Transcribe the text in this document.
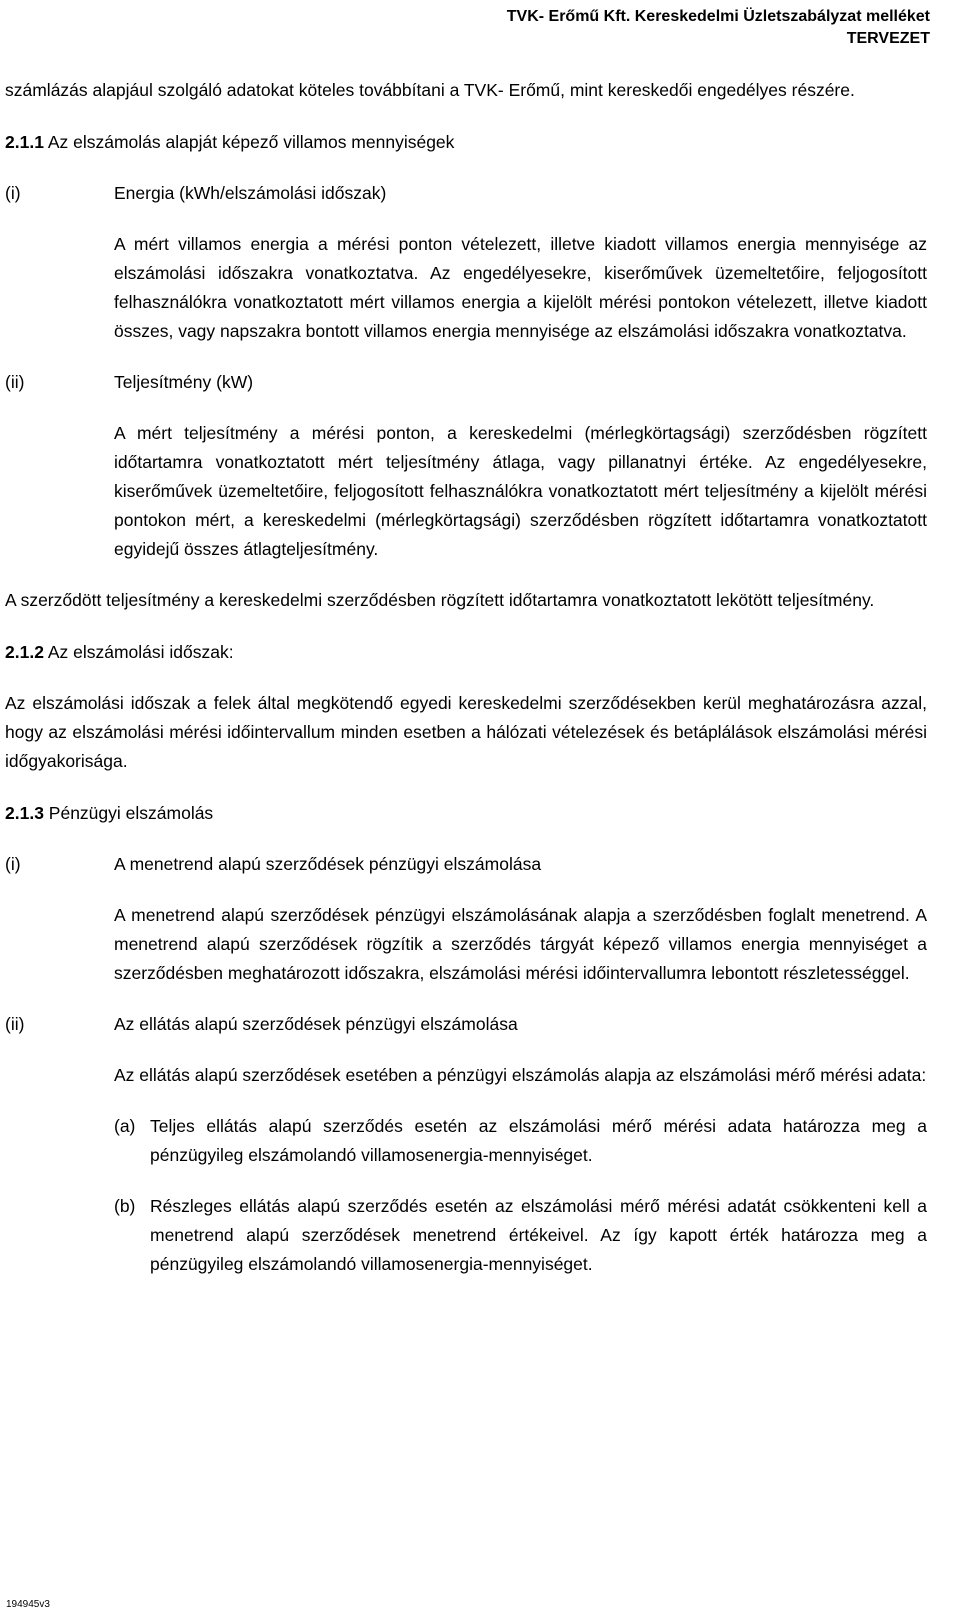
TVK- Erőmű Kft. Kereskedelmi Üzletszabályzat melléket
TERVEZET

számlázás alapjául szolgáló adatokat köteles továbbítani a TVK- Erőmű, mint kereskedői engedélyes részére.

2.1.1 Az elszámolás alapját képező villamos mennyiségek
(i)	Energia (kWh/elszámolási időszak)

A mért villamos energia a mérési ponton vételezett, illetve kiadott villamos energia mennyisége az elszámolási időszakra vonatkoztatva. Az engedélyesekre, kiserőművek üzemeltetőire, feljogosított felhasználókra vonatkoztatott mért villamos energia a kijelölt mérési pontokon vételezett, illetve kiadott összes, vagy napszakra bontott villamos energia mennyisége az elszámolási időszakra vonatkoztatva.

(ii)	Teljesítmény (kW)

A mért teljesítmény a mérési ponton, a kereskedelmi (mérlegkörtagsági) szerződésben rögzített időtartamra vonatkoztatott mért teljesítmény átlaga, vagy pillanatnyi értéke. Az engedélyesekre, kiserőművek üzemeltetőire, feljogosított felhasználókra vonatkoztatott mért teljesítmény a kijelölt mérési pontokon mért, a kereskedelmi (mérlegkörtagsági) szerződésben rögzített időtartamra vonatkoztatott egyidejű összes átlagteljesítmény.

A szerződött teljesítmény a kereskedelmi szerződésben rögzített időtartamra vonatkoztatott lekötött teljesítmény.

2.1.2 Az elszámolási időszak:

Az elszámolási időszak a felek által megkötendő egyedi kereskedelmi szerződésekben kerül meghatározásra azzal, hogy az elszámolási mérési időintervallum minden esetben a hálózati vételezések és betáplálások elszámolási mérési időgyakorisága.

2.1.3 Pénzügyi elszámolás
(i)	A menetrend alapú szerződések pénzügyi elszámolása

A menetrend alapú szerződések pénzügyi elszámolásának alapja a szerződésben foglalt menetrend. A menetrend alapú szerződések rögzítik a szerződés tárgyát képező villamos energia mennyiséget a szerződésben meghatározott időszakra, elszámolási mérési időintervallumra lebontott részletességgel.

(ii)	Az ellátás alapú szerződések pénzügyi elszámolása

Az ellátás alapú szerződések esetében a pénzügyi elszámolás alapja az elszámolási mérő mérési adata:

(a) Teljes ellátás alapú szerződés esetén az elszámolási mérő mérési adata határozza meg a pénzügyileg elszámolandó villamosenergia-mennyiséget.
(b) Részleges ellátás alapú szerződés esetén az elszámolási mérő mérési adatát csökkenteni kell a menetrend alapú szerződések menetrend értékeivel. Az így kapott érték határozza meg a pénzügyileg elszámolandó villamosenergia-mennyiséget.
194945v3
